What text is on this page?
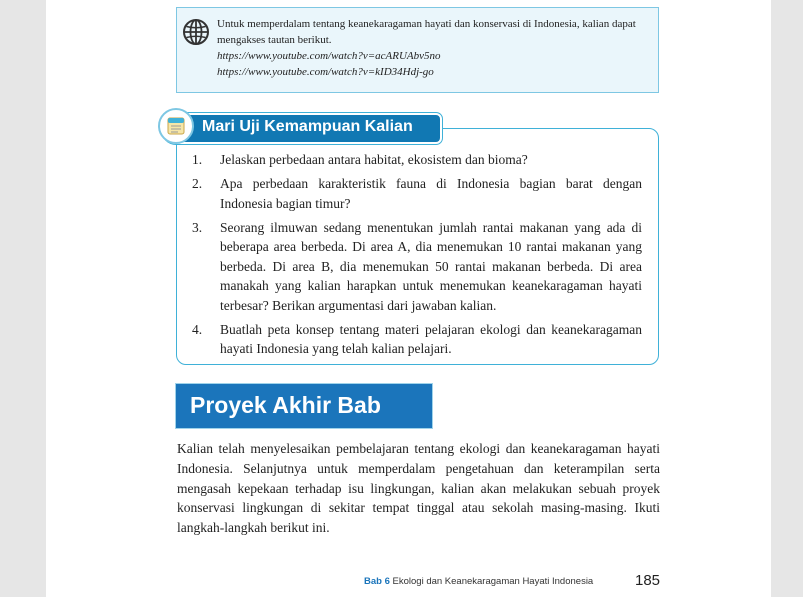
Untuk memperdalam tentang keanekaragaman hayati dan konservasi di Indonesia, kalian dapat mengakses tautan berikut.
https://www.youtube.com/watch?v=acARUAbv5no
https://www.youtube.com/watch?v=kID34Hdj-go
Mari Uji Kemampuan Kalian
1. Jelaskan perbedaan antara habitat, ekosistem dan bioma?
2. Apa perbedaan karakteristik fauna di Indonesia bagian barat dengan Indonesia bagian timur?
3. Seorang ilmuwan sedang menentukan jumlah rantai makanan yang ada di beberapa area berbeda. Di area A, dia menemukan 10 rantai makanan yang berbeda. Di area B, dia menemukan 50 rantai makanan berbeda. Di area manakah yang kalian harapkan untuk menemukan keanekaragaman hayati terbesar? Berikan argumentasi dari jawaban kalian.
4. Buatlah peta konsep tentang materi pelajaran ekologi dan keanekaragaman hayati Indonesia yang telah kalian pelajari.
Proyek Akhir Bab

Kalian telah menyelesaikan pembelajaran tentang ekologi dan keanekaragaman hayati Indonesia. Selanjutnya untuk memperdalam pengetahuan dan keterampilan serta mengasah kepekaan terhadap isu lingkungan, kalian akan melakukan sebuah proyek konservasi lingkungan di sekitar tempat tinggal atau sekolah masing-masing. Ikuti langkah-langkah berikut ini.

Bab 6 Ekologi dan Keanekaragaman Hayati Indonesia	185
